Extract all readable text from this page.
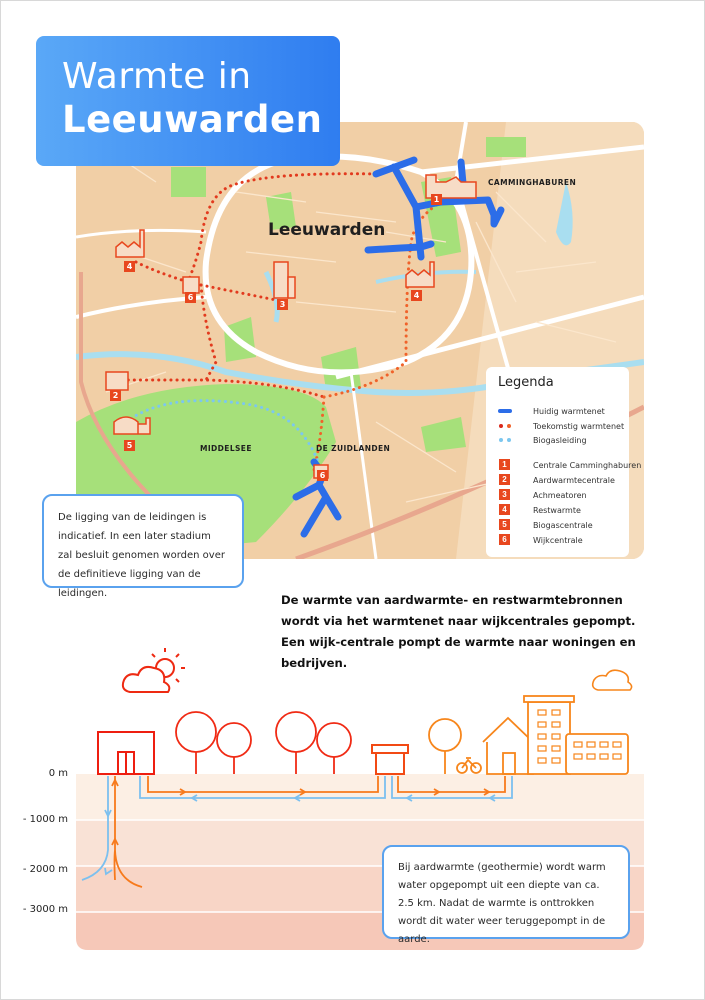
Warmte in
Leeuwarden
Leeuwarden
CAMMINGHABUREN
MIDDELSEE	DE ZUIDLANDEN
1
4
6
3
4
2
5
6
Legenda
Huidig warmtenet
Toekomstig warmtenet
Biogasleiding
1	Centrale Camminghaburen
2	Aardwarmtecentrale
3	Achmeatoren
4	Restwarmte
5	Biogascentrale
6	Wijkcentrale
De ligging van de leidingen is indicatief. In een later stadium zal besluit genomen worden over de definitieve ligging van de leidingen.	De warmte van aardwarmte- en restwarmtebronnen wordt via het warmtenet naar wijkcentrales gepompt. Een wijk-centrale pompt de warmte naar woningen en bedrijven.
0 m
- 1000 m
- 2000 m
- 3000 m
Bij aardwarmte (geothermie) wordt warm water opgepompt uit een diepte van ca. 2.5 km. Nadat de warmte is onttrokken wordt dit water weer teruggepompt in de aarde.
